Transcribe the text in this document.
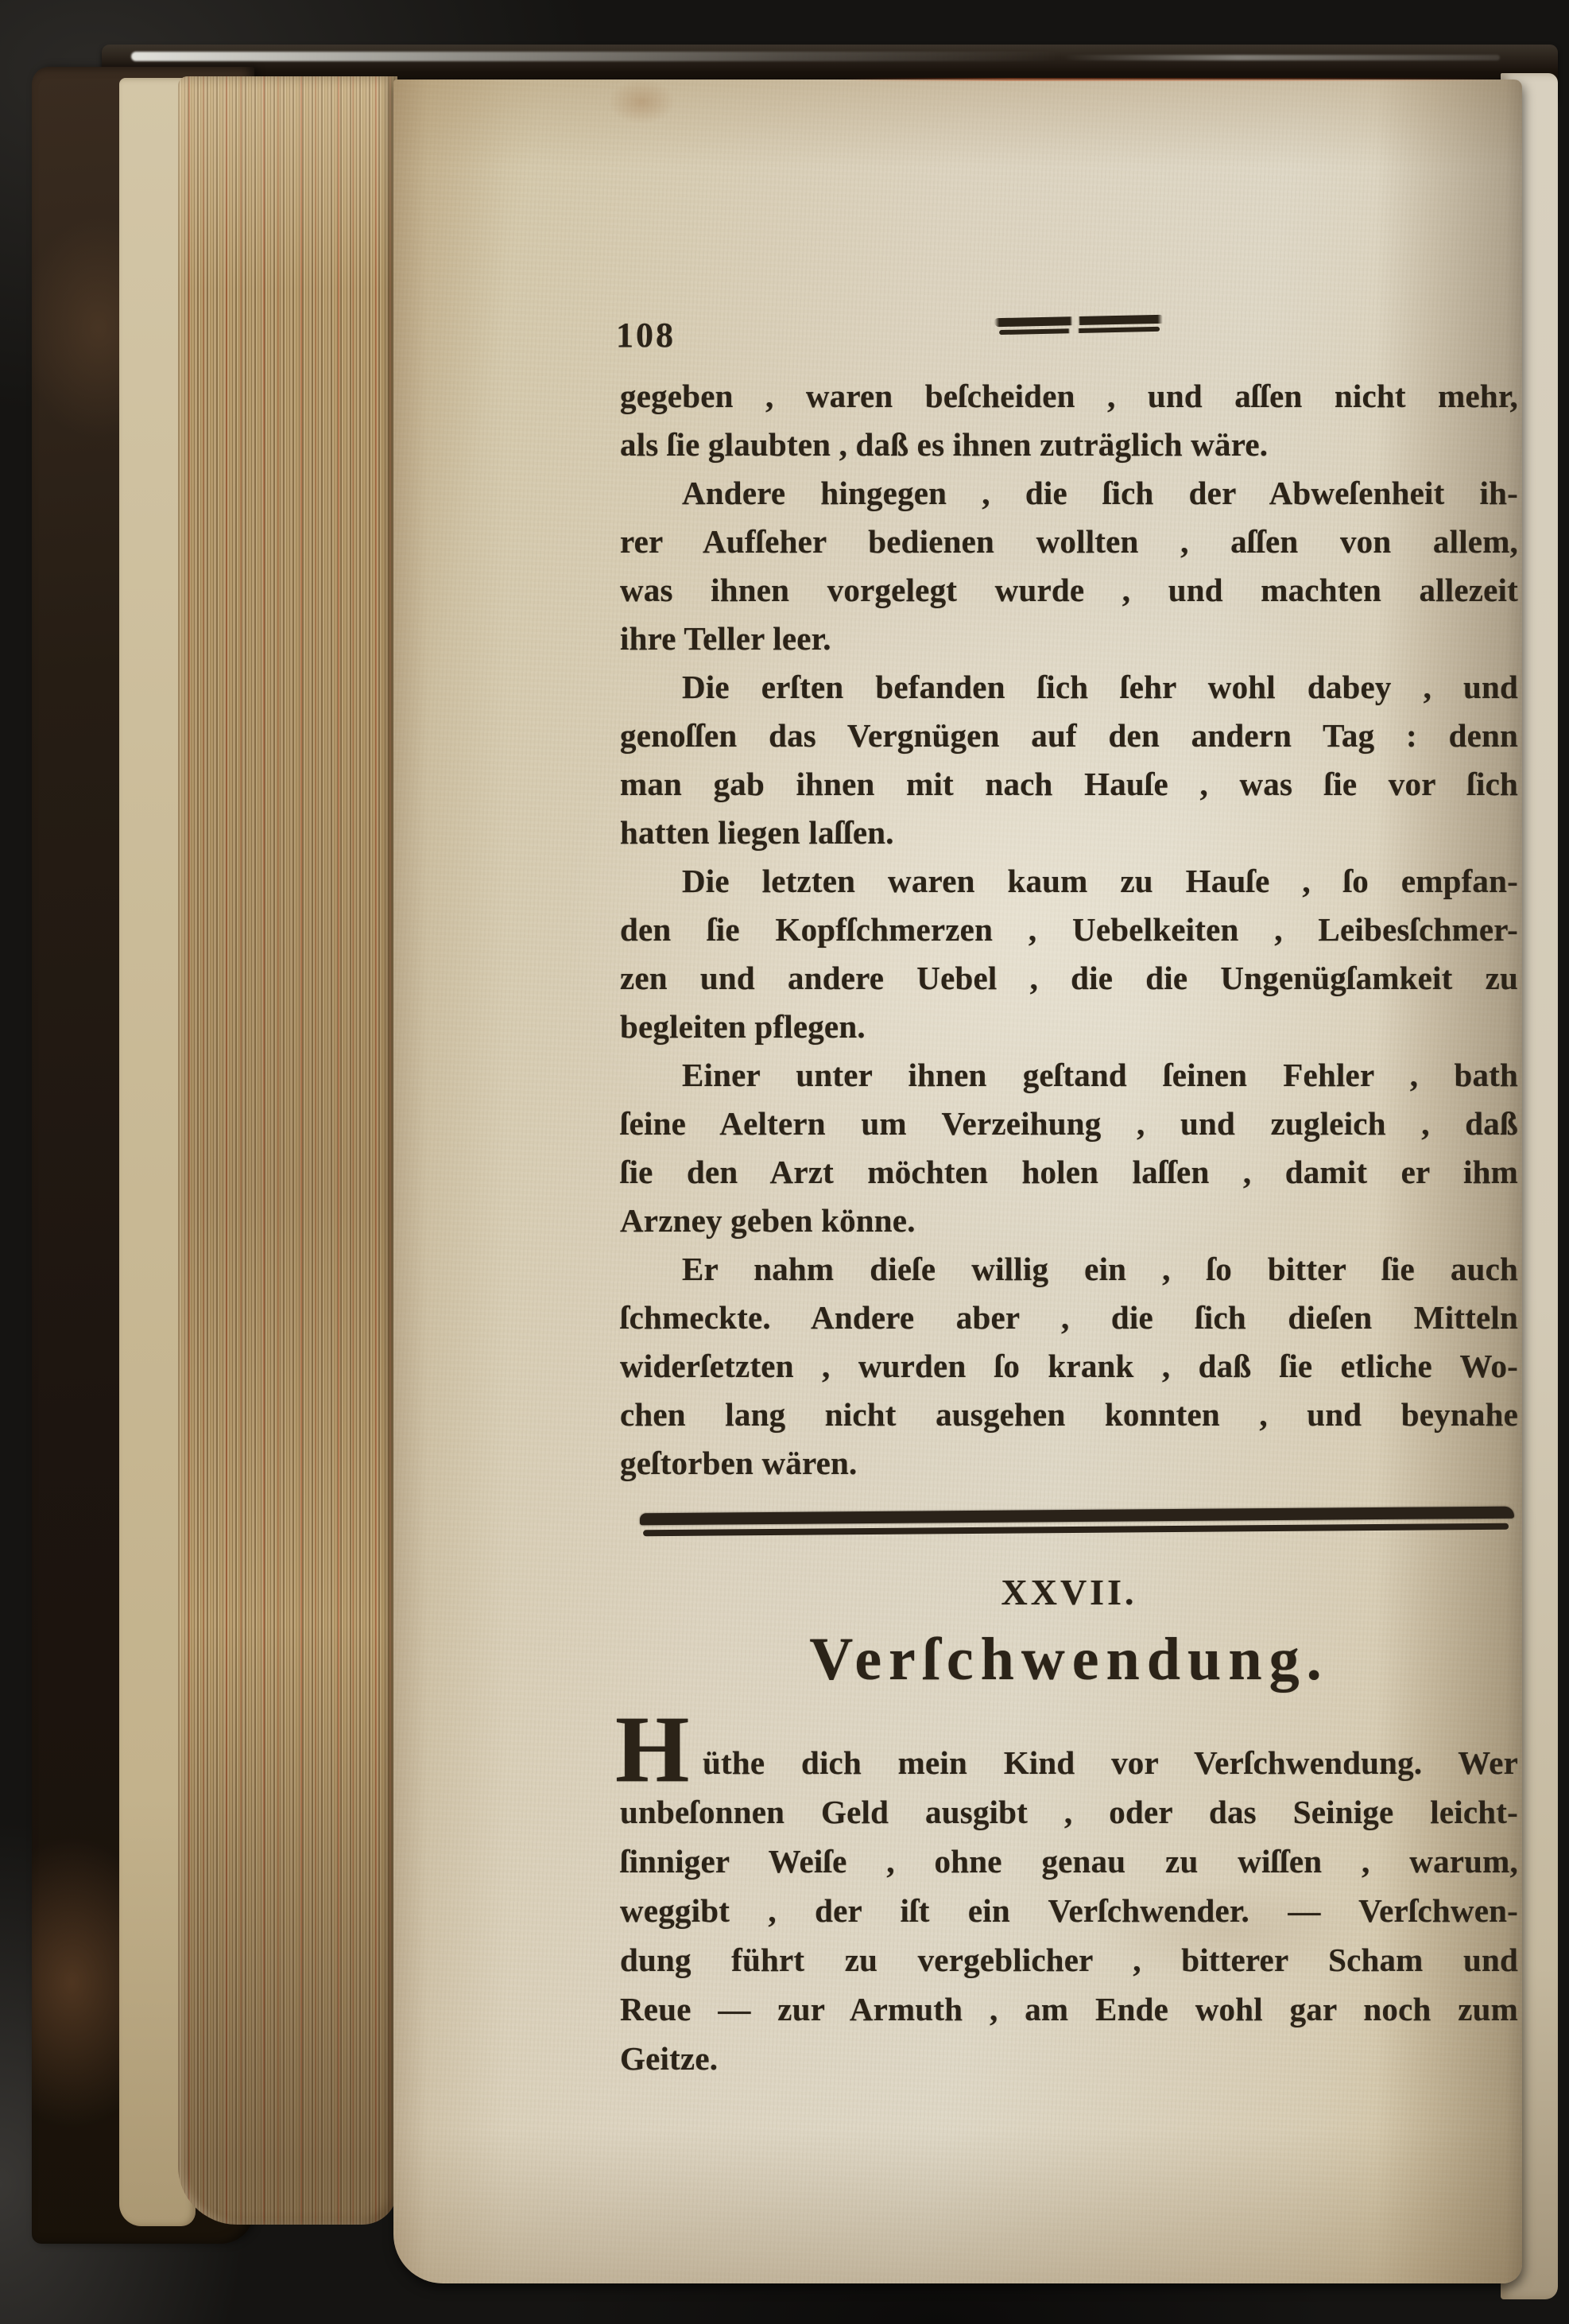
108
gegeben , waren beſcheiden , und aſſen nicht mehr,
als ſie glaubten , daß es ihnen zuträglich wäre.
Andere hingegen , die ſich der Abweſenheit ih-
rer Aufſeher bedienen wollten , aſſen von allem,
was ihnen vorgelegt wurde , und machten allezeit
ihre Teller leer.
Die erſten befanden ſich ſehr wohl dabey , und
genoſſen das Vergnügen auf den andern Tag : denn
man gab ihnen mit nach Hauſe , was ſie vor ſich
hatten liegen laſſen.
Die letzten waren kaum zu Hauſe , ſo empfan-
den ſie Kopfſchmerzen , Uebelkeiten , Leibesſchmer-
zen und andere Uebel , die die Ungenügſamkeit zu
begleiten pflegen.
Einer unter ihnen geſtand ſeinen Fehler , bath
ſeine Aeltern um Verzeihung , und zugleich , daß
ſie den Arzt möchten holen laſſen , damit er ihm
Arzney geben könne.
Er nahm dieſe willig ein , ſo bitter ſie auch
ſchmeckte. Andere aber , die ſich dieſen Mitteln
widerſetzten , wurden ſo krank , daß ſie etliche Wo-
chen lang nicht ausgehen konnten , und beynahe
geſtorben wären.
XXVII.
Verſchwendung.
H üthe dich mein Kind vor Verſchwendung. Wer
unbeſonnen Geld ausgibt , oder das Seinige leicht-
ſinniger Weiſe , ohne genau zu wiſſen , warum,
weggibt , der iſt ein Verſchwender. — Verſchwen-
dung führt zu vergeblicher , bitterer Scham und
Reue — zur Armuth , am Ende wohl gar noch zum
Geitze.
